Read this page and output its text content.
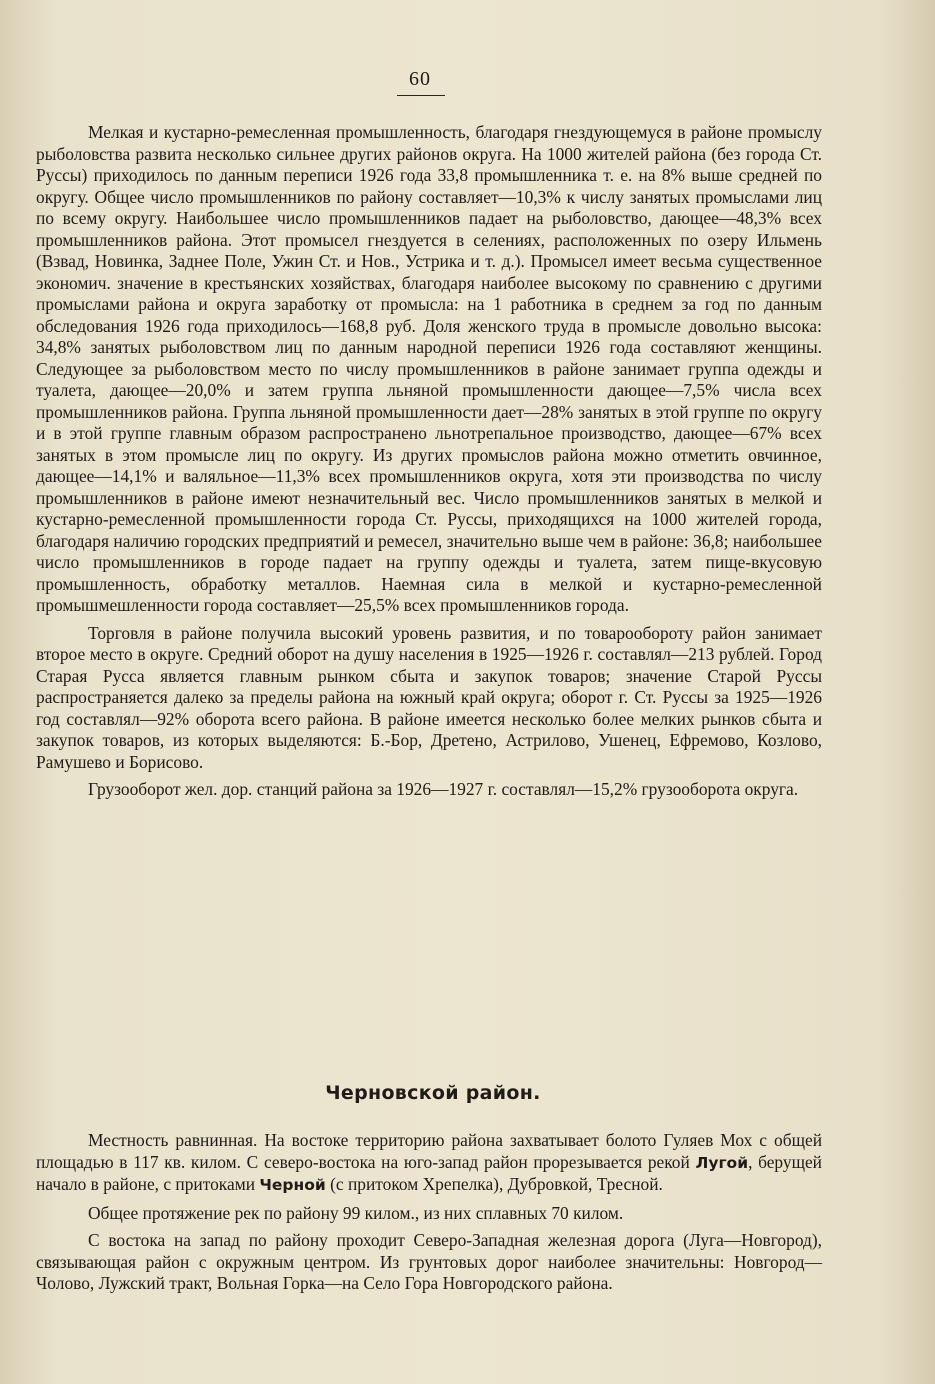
60

Мелкая и кустарно-ремесленная промышленность, благодаря гнездующемуся в районе промыслу рыболовства развита несколько сильнее других районов округа. На 1000 жителей района (без города Ст. Руссы) приходилось по данным переписи 1926 года 33,8 промышленника т. е. на 8% выше средней по округу. Общее число промышленников по району составляет—10,3% к числу занятых промыслами лиц по всему округу. Наибольшее число промышленников падает на рыболовство, дающее—48,3% всех промышленников района. Этот промысел гнездуется в селениях, расположенных по озеру Ильмень (Взвад, Новинка, Заднее Поле, Ужин Ст. и Нов., Устрика и т. д.). Промысел имеет весьма существенное экономич. значение в крестьянских хозяйствах, благодаря наиболее высокому по сравнению с другими промыслами района и округа заработку от промысла: на 1 работника в среднем за год по данным обследования 1926 года приходилось—168,8 руб. Доля женского труда в промысле довольно высока: 34,8% занятых рыболовством лиц по данным народной переписи 1926 года составляют женщины. Следующее за рыболовством место по числу промышленников в районе занимает группа одежды и туалета, дающее—20,0% и затем группа льняной промышленности дающее—7,5% числа всех промышленников района. Группа льняной промышленности дает—28% занятых в этой группе по округу и в этой группе главным образом распространено льнотрепальное производство, дающее—67% всех занятых в этом промысле лиц по округу. Из других промыслов района можно отметить овчинное, дающее—14,1% и валяльное—11,3% всех промышленников округа, хотя эти производства по числу промышленников в районе имеют незначительный вес. Число промышленников занятых в мелкой и кустарно-ремесленной промышленности города Ст. Руссы, приходящихся на 1000 жителей города, благодаря наличию городских предприятий и ремесел, значительно выше чем в районе: 36,8; наибольшее число промышленников в городе падает на группу одежды и туалета, затем пище-вкусовую промышленность, обработку металлов. Наемная сила в мелкой и кустарно-ремесленной промышмешленности города составляет—25,5% всех промышленников города.

Торговля в районе получила высокий уровень развития, и по товарообороту район занимает второе место в округе. Средний оборот на душу населения в 1925—1926 г. составлял—213 рублей. Город Старая Русса является главным рынком сбыта и закупок товаров; значение Старой Руссы распространяется далеко за пределы района на южный край округа; оборот г. Ст. Руссы за 1925—1926 год составлял—92% оборота всего района. В районе имеется несколько более мелких рынков сбыта и закупок товаров, из которых выделяются: Б.-Бор, Дретено, Астрилово, Ушенец, Ефремово, Козлово, Рамушево и Борисово.

Грузооборот жел. дор. станций района за 1926—1927 г. составлял—15,2% грузооборота округа.

Черновской район.

Местность равнинная. На востоке территорию района захватывает болото Гуляев Мох с общей площадью в 117 кв. килом. С северо-востока на юго-запад район прорезывается рекой Лугой, берущей начало в районе, с притоками Черной (с притоком Хрепелка), Дубровкой, Тресной.

Общее протяжение рек по району 99 килом., из них сплавных 70 килом.

С востока на запад по району проходит Северо-Западная железная дорога (Луга—Новгород), связывающая район с окружным центром. Из грунтовых дорог наиболее значительны: Новгород—Чолово, Лужский тракт, Вольная Горка—на Село Гора Новгородского района.
